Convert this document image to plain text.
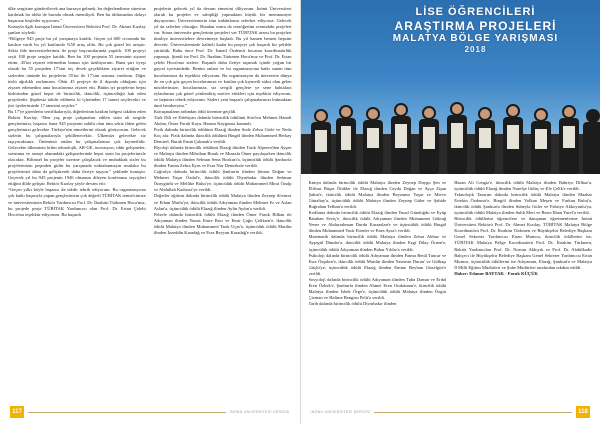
ülke sergisine gönderilecek ana bursaya gelmek, bu değerlendirme süresine katılmak bu iddia ile burada olmak önemliydi. Ben bu iddiasından dolayı başarısız keşfeder açıyorum.”

Konuyla ilgili konuşan İnönü Üniversitesi Rektörü Prof. Dr. Ahmet Kızılay şunları söyledi:

“Bölgeye 945 proje bu yıl yarışmaya katıldı. Geçen yıl 600 civarında bir katılım vardı bu yıl katılımda %50 artış oldu. Bu çok güzel bir artıştır. Sekiz ilde üniversitelerimiz ile proje başvurularında yapıldı. 100 projeyi seçti 100 proje sergiye katıldı. Ben bu 100 projenin 55 tanesinin ziyaret ettim, 45'ini ziyaret edemedim bunun için üzülüyorum. Buna şart öyeşi olarak bu 55 projeden 17'sini seç desek geçeklikten ziyaret ettiğim ve sizlerden önünde bu projelerin 55'ini ile 17'sini arasına vardırım. Diğer türlü ağırlıklı zorlanırım. Öbür 45 projeye de il dışında olduğum için ziyaret edemedim ama hocalarımız ziyaret etti. Bütün iyi projelerin hepsi birbirinden güzel hepsi de birincilik, ikincilik, üçüncülüğü hak eden projelerdir. Şüphesiz takdir edilmesi ki içlerinden 17 tanesi seçilecekti ve jüri üyelerimizde 17 tanesini seçtiler.”

Bu 17'ye girenlerin sertifikalarıyla, diğerlerinin katılım belgesi takdim eden Rektör Kızılay, “Ben yaş proje çalışmaları edilen sizin alt sergide gençlerimizi, başarısı bana 945 projenin sahibi olan tüm sekiz ilden gelen gençlerimizi gelecekte Türkiye'nin nimetlerini olarak görüyorum. Gelecek sizlerin bu çalışmalarıyla şekillenecektir. Ülkemizi gelecekte siz taşıyacaksınız. Önümüzü ondan bu çalışmalarınız çok kıymetlidir. Gelecekte ülkemizin bilim teknolojik, AR-GE, inovasyon, tıbbı gelişmeler, savunma ve sanayi alanındaki gelişmelerinde hepsi sizin bu projelerinizle olacaktır. Bilimsel bu projeler üzerine çalışılacak ve muhakkak sizler bu projelerinizin peşinden gidin bu yarışmada noktalanmayın mutlaka bu projelerinizi daha da geliştirerek daha ileriye taşıyın.” şeklinde konuştu. Geçecek yıl bu 945 projenin 1946 olmasını dileyen konferansı teşvişleri ettiğini dilde geliştir. Rektör Kızılay şöyle devam etti:

“Geçen yılki böyle başarısı da takdir tebrik ediyorum. Bu organizasyona çok katkı başarıyla yapan gençlerinizin çok değerli TÜBİTAK temsilcimize ve üniversitemizin Rektör Yardımcısı Prof. Dr. İbrahim Türkmen Hoca'mız, bu projede proje TÜBİTAK Yardımcısı olan Prof. Dr. Ertan Çelebi Hoca'ma teşekkür ediyorum. Bu başarılı

projelerin gelecek yıl da devam etmesini diliyorum. İnönü Üniversitesi olarak bu projeler ev sahipliği yapmaktan büyük bir memnuniyet duyuyorum. Üniversitemizin tüm imkânlarını seferber ediyoruz. Gelecek yıl da seferber olacağız. Bundan sonra da ortaöğretim ortamdaki projeleri var. Sonra üniversite gençlerinin projeleri var TÜBİTAK ararsı bu projeleri itimliye üniversitelere devretmeye başladı. Bu yıl hamen hemen hepsini devretti. Üniversitemizde kaliteli kadar bu projeyi çok başarılı bir şekilde yürüttük. Bahu önce Prof. Dr. İsmail Özdemir hocama koordinatörlük yapmıştı. Şimdi ise Prof. Dr. İbrahim Türkmen Hoca'mız ve Prof. Dr. Ertan çelebi Hoca'mız sizlere. Başımlı daha iletiye taşımak içinde yoğun bir gayret içerisindedir. Benim onlara ve bu organizasyona katkı sunan tüm hocalarımıza da teşekkür ediyorum. Bu organizasyon da üniversite dünya ile en çok göz geçen hocalarımıza ve katılan çok kıymetli süksi olan gelen misirlerimize, hocalarımıza, siz sevgili gençlere ye sene bahtalara eylanlarına çok güzel yönlendiriş motive ettikleri için teşekkür ediyorum, ve hepinizi tebrik ediyorum. Sizleri yeni başarılı çalışmalarınızı bulmaktan ümit beraberyim.”

Konuşmaların ardından ödül törenine geçildi.

Türk Dili ve Edebiyatı dalında birincilik ödülünü Siirt'ten Mehmet Hamdi Akdan, Ömer Faruk Kaya, Hamza Kaygusuz kazandı.

Fizik dalında birincilik ödülünü Elazığ ilinden Sude Zehra Göde ve Neda Koç alır. Fizik dalında ikincilik ödülünü Bingöl ilinden Muhammed Berkay Demirel, Burak Emin Çakmak'a verildi.

Biyoloji dalında birincilik ödülünü Elazığ ilinden Tarık Alperen'den Ayşen ve Malatya ilinden Mihrihan Burak ve Mustafa Ömer payılaşırken ikincilik ödülü Malatya ilinden Selman Sena Bozkurt'a, üçüncülük ödülü Şanlıurfa ilinden Fatma Zehra İlyas ve Esra Nur Demirkale verildi.

Coğrafya dalında birincilik ödülü Şanlıurfa ilinden Şimon Doğan ve Mehmet Yaşar Özdal'e, ikincilik ödülü Diyarbakır ilinden Sedanur Özaygürlü ve Mellike Bulut'ye, üçüncülük ödülü Muhammed Mirat Özalp ve Abdullah Kadırsız'ye verildi.

Değerler eğitimi dalında birincilik ödülü Malatya ilinden Zeynep Sövmez ve Erhan Mutlu'ya, ikincilik ödülü Adıyaman ilinden Mehmet Er ve Aslan Aslan'a, üçüncülük ödülü Elazığ ilinden Aylin Aydın'a verildi.

Felsefe dalında birincilik ödülü Elazığ ilinden Ömer Faruk Bilhan ile Adıyaman ilinden Yunus Emre Bacı ve Emir Çağrı Çelikten'e, ikincilik ödülü Malatya ilinden Muhammed Tarık Uçar'a, üçüncülük ödülü Mardin ilinden İzzeddin Karadağ ve Esra Reyyan Karadağ'e verildi.

117	INONU UNIVERSITESI DERGISI
LİSE ÖĞRENCİLERİ
ARAŞTIRMA PROJELERİ
MALATYA BÖLGE YARIŞMASI
2018

Kimya dalında birincilik ödülü Malatya ilinden Zeynep Duygu Şen ve Elifnur Büşra Ötükler ile Elazığ ilinden Ceyda Doğan ve Ayça Zişan Şahin'e, ikincilik ödülü Malatya ilinden Beyzanur Yaşar ve Merve Günaltay'a, üçüncülük ödülü Malatya ilinden Zeynep Güler ve Şahide Buğrahan Tellum'a verildi.

Kodlama dalında birincilik ödülü Elazığ ilinden Yusuf Gündoğdu ve Eyüp Batuhan Seviç'e, ikincilik ödülü Adıyaman ilinden Muhammet Göktuğ Yener ve Abdurrahman Durdu Karaaslan'e ve üçüncülük ödülü Bingöl ilinden Muhammed Yasir Erenler ve Enes Ayaz'ı verildi.

Matematik dalında birincilik ödülü Malatya ilinden Zehra Akbuz ve Ayşegül Dündar'a, ikincilik ödülü Malatya ilinden Ezgi Dilay Örnen'e, üçüncülük ödülü Adıyaman ilinden Bahar Yıldız'a verildi.

Psikoloji dalında birincilik ödülü Adıyaman ilinden Fatma Betül Tancar ve Esra Özşahin'e, ikincilik ödülü Mardin ilinden Yasemin Duran' ve Gülbaşı Güçlü'ye, üçüncülük ödülü Elazığ ilinden Emine Reyhan Güzelgöz'e verildi.

Sosyoloji dalında birincilik ödülü Adıyaman ilinden Tuba Damar ve Erdal Eren Özbek'e, Şanlıurfa ilinden Ahmet Eren Oruküman'e, ikincilik ödülü Malatya ilinden İsbek Örge'e, üçüncülük ödülü Malatya ilinden Özgür Çizman ve Halime Bengisu Pelit'a verildi.

Tarih dalında birincilik ödülü Diyarbakır ilinden

Hasan Ali Cengiz'e, ikincilik ödülü Malatya ilinden Bahriye Dilbaz'a, üçüncülük ödülü Elazığ ilinden Nurefşe Gülüç ve Efe Çelik'e verildi.

Teknolojik Tasarım dalında birincilik ödülü Malatya ilinden Mazhar Ertekin Özdemir'e, Bingöl ilinden Volkan Meşen ve Furkan Bulut'a, ikincilik ödülü Şanlıurfa ilinden Süheyla Güler ve Fahriye Akkoyunlu'ya, üçüncülük ödülü Malatya ilinden Salih Mert ve Beste Ilhan Yurel'a verildi.

Birincilik ödüllerini öğrencilere ve danışman öğretmenlerine İnönü Üniversitesi Rektörü Prof. Dr. Ahmet Kızılay, TÜBİTAK Malatya Bölge Koordinatörü Prof. Dr. İbrahim Türkmen ve Büyükşehir Belediye Başkanı Genel Sekreter Yardımcısı Ertan Mumcu, ikincilik ödüllerini ise, TÜBİTAK Malatya Bölge Koordinatörü Prof. Dr. İbrahim Türkmen, Rektör Yardımcıları Prof. Dr. Nurcan Akbıyık ve Prof. Dr. Abdülkadir Bahçeci ile Büyükşehir Belediye Başkanı Genel Sekreter Yardımcısı Ertan Mumcu, üçüncülük ödüllerini ise Adıyaman, Elazığ, Şanlıurfa ve Malatya İl Milli Eğitim Müdürleri ve Şube Müdürleri tarafından takdim edildi.

Haber: Edanur BAYTAK - Faruk KÜÇÜK

INONU UNIVERSITESI DERGISI	118
